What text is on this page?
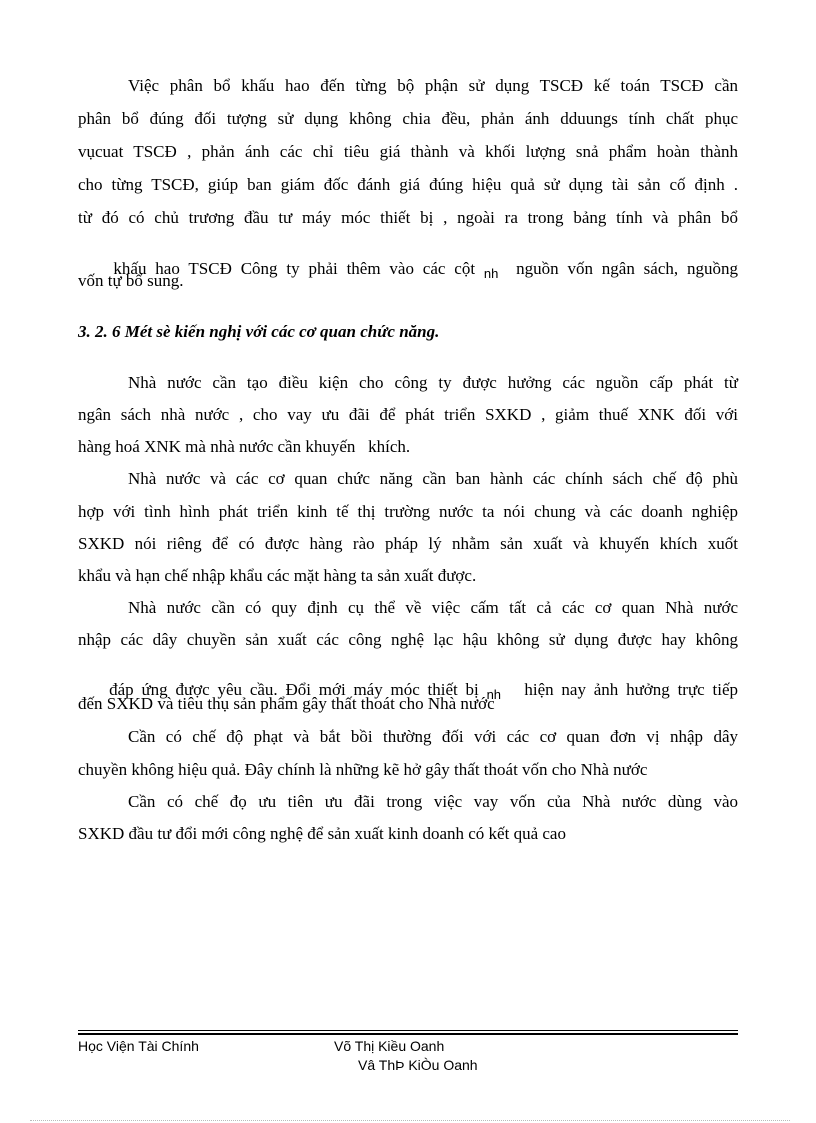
Việc phân bổ khấu hao đến từng bộ phận sử dụng TSCĐ kế toán TSCĐ cần
phân bổ đúng đối tượng sử dụng không chia đều, phản ánh dduungs tính chất phục
vụcuat TSCĐ , phản ánh các chỉ tiêu giá thành và khối lượng snả phẩm hoàn thành
cho từng TSCĐ, giúp ban giám đốc đánh giá đúng hiệu quả sử dụng tài sản cố định .
từ đó có chủ trương đầu tư máy móc thiết bị , ngoài ra trong bảng tính và phân bổ

khấu hao TSCĐ Công ty phải thêm vào các cột $_{nh}$  nguồn vốn ngân sách, nguồng

vốn tự bổ sung.
3. 2. 6 Mét sè kiến nghị với các cơ quan chức năng.
Nhà nước cần tạo điều kiện cho công ty được hưởng các nguồn cấp phát từ
ngân sách nhà nước , cho vay ưu đãi để phát triển SXKD , giảm thuế XNK đối với
hàng hoá XNK mà nhà nước cần khuyến   khích.
Nhà nước và các cơ quan chức năng cần ban hành các chính sách chế độ phù
hợp với tình hình phát triển kinh tế thị trường nước ta nói chung và các doanh nghiệp
SXKD nói riêng để có được hàng rào pháp lý nhằm sản xuất và khuyến khích xuốt
khẩu và hạn chế nhập khẩu các mặt hàng ta sản xuất được.
Nhà nước cần có quy định cụ thể về việc cấm tất cả các cơ quan Nhà nước
nhập các dây chuyền sản xuất các công nghệ lạc hậu không sử dụng được hay không

đáp ứng được yêu cầu. Đổi mới máy móc thiết bị $_{nh}$   hiện nay ảnh hưởng trực tiếp

đến SXKD và tiêu thụ sản phẩm gây thất thoát cho Nhà nước
Cần có chế độ phạt và bắt bồi thường đối với các cơ quan đơn vị nhập dây
chuyền không hiệu quả. Đây chính là những kẽ hở gây thất thoát vốn cho Nhà nước
Cần có chế đọ ưu tiên ưu đãi trong việc vay vốn của Nhà nước dùng vào
SXKD đầu tư đổi mới công nghệ để sản xuất kinh doanh có kết quả cao
Học Viện Tài Chính	Võ Thị Kiều Oanh
Vâ ThÞ KiÒu Oanh
